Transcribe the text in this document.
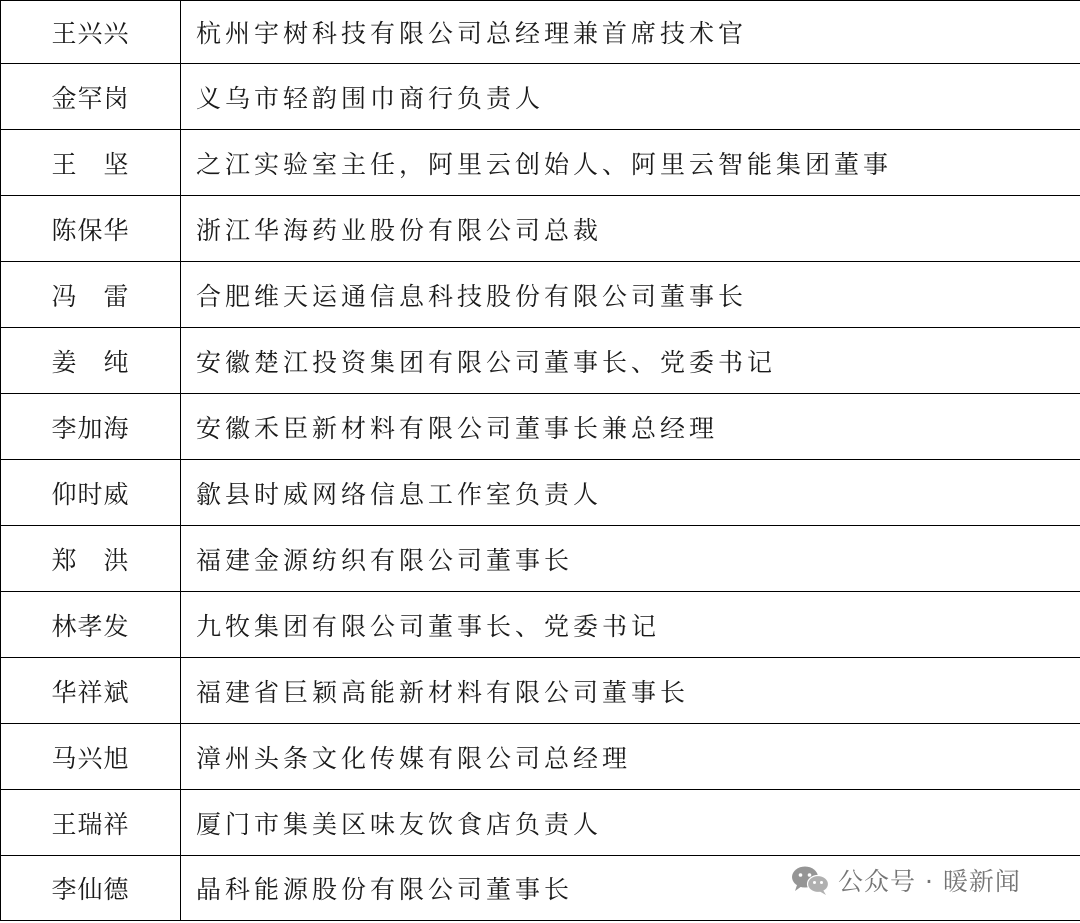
王兴兴	杭州宇树科技有限公司总经理兼首席技术官
金罕岗	义乌市轻韵围巾商行负责人
王　坚	之江实验室主任，阿里云创始人、阿里云智能集团董事
陈保华	浙江华海药业股份有限公司总裁
冯　雷	合肥维天运通信息科技股份有限公司董事长
姜　纯	安徽楚江投资集团有限公司董事长、党委书记
李加海	安徽禾臣新材料有限公司董事长兼总经理
仰时威	歙县时威网络信息工作室负责人
郑　洪	福建金源纺织有限公司董事长
林孝发	九牧集团有限公司董事长、党委书记
华祥斌	福建省巨颖高能新材料有限公司董事长
马兴旭	漳州头条文化传媒有限公司总经理
王瑞祥	厦门市集美区味友饮食店负责人
李仙德	晶科能源股份有限公司董事长	公众号 · 暖新闻
